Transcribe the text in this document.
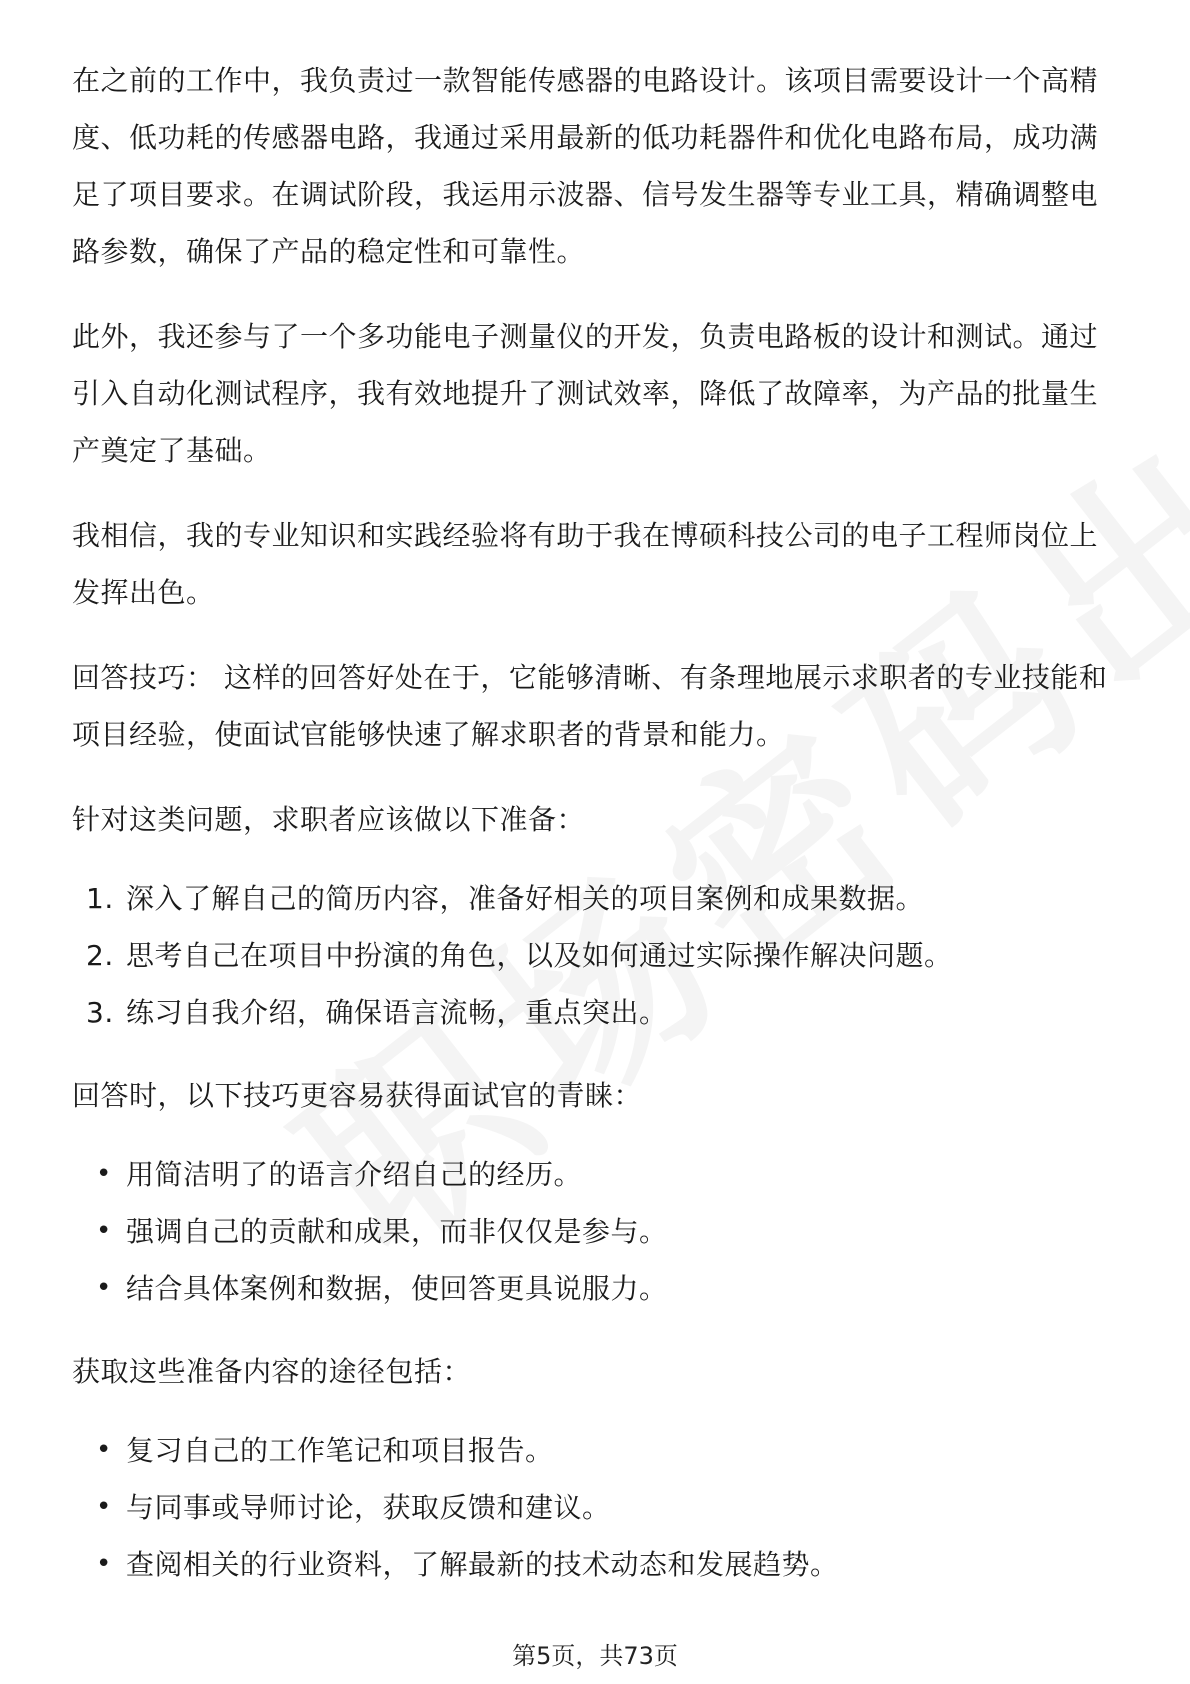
在之前的工作中，我负责过一款智能传感器的电路设计。该项目需要设计一个高精度、低功耗的传感器电路，我通过采用最新的低功耗器件和优化电路布局，成功满足了项目要求。在调试阶段，我运用示波器、信号发生器等专业工具，精确调整电路参数，确保了产品的稳定性和可靠性。

此外，我还参与了一个多功能电子测量仪的开发，负责电路板的设计和测试。通过引入自动化测试程序，我有效地提升了测试效率，降低了故障率，为产品的批量生产奠定了基础。

我相信，我的专业知识和实践经验将有助于我在博硕科技公司的电子工程师岗位上发挥出色。

回答技巧： 这样的回答好处在于，它能够清晰、有条理地展示求职者的专业技能和项目经验，使面试官能够快速了解求职者的背景和能力。

针对这类问题，求职者应该做以下准备：

1. 深入了解自己的简历内容，准备好相关的项目案例和成果数据。
2. 思考自己在项目中扮演的角色，以及如何通过实际操作解决问题。
3. 练习自我介绍，确保语言流畅，重点突出。

回答时，以下技巧更容易获得面试官的青睐：

• 用简洁明了的语言介绍自己的经历。
• 强调自己的贡献和成果，而非仅仅是参与。
• 结合具体案例和数据，使回答更具说服力。

获取这些准备内容的途径包括：

• 复习自己的工作笔记和项目报告。
• 与同事或导师讨论，获取反馈和建议。
• 查阅相关的行业资料，了解最新的技术动态和发展趋势。
第5页，共73页
